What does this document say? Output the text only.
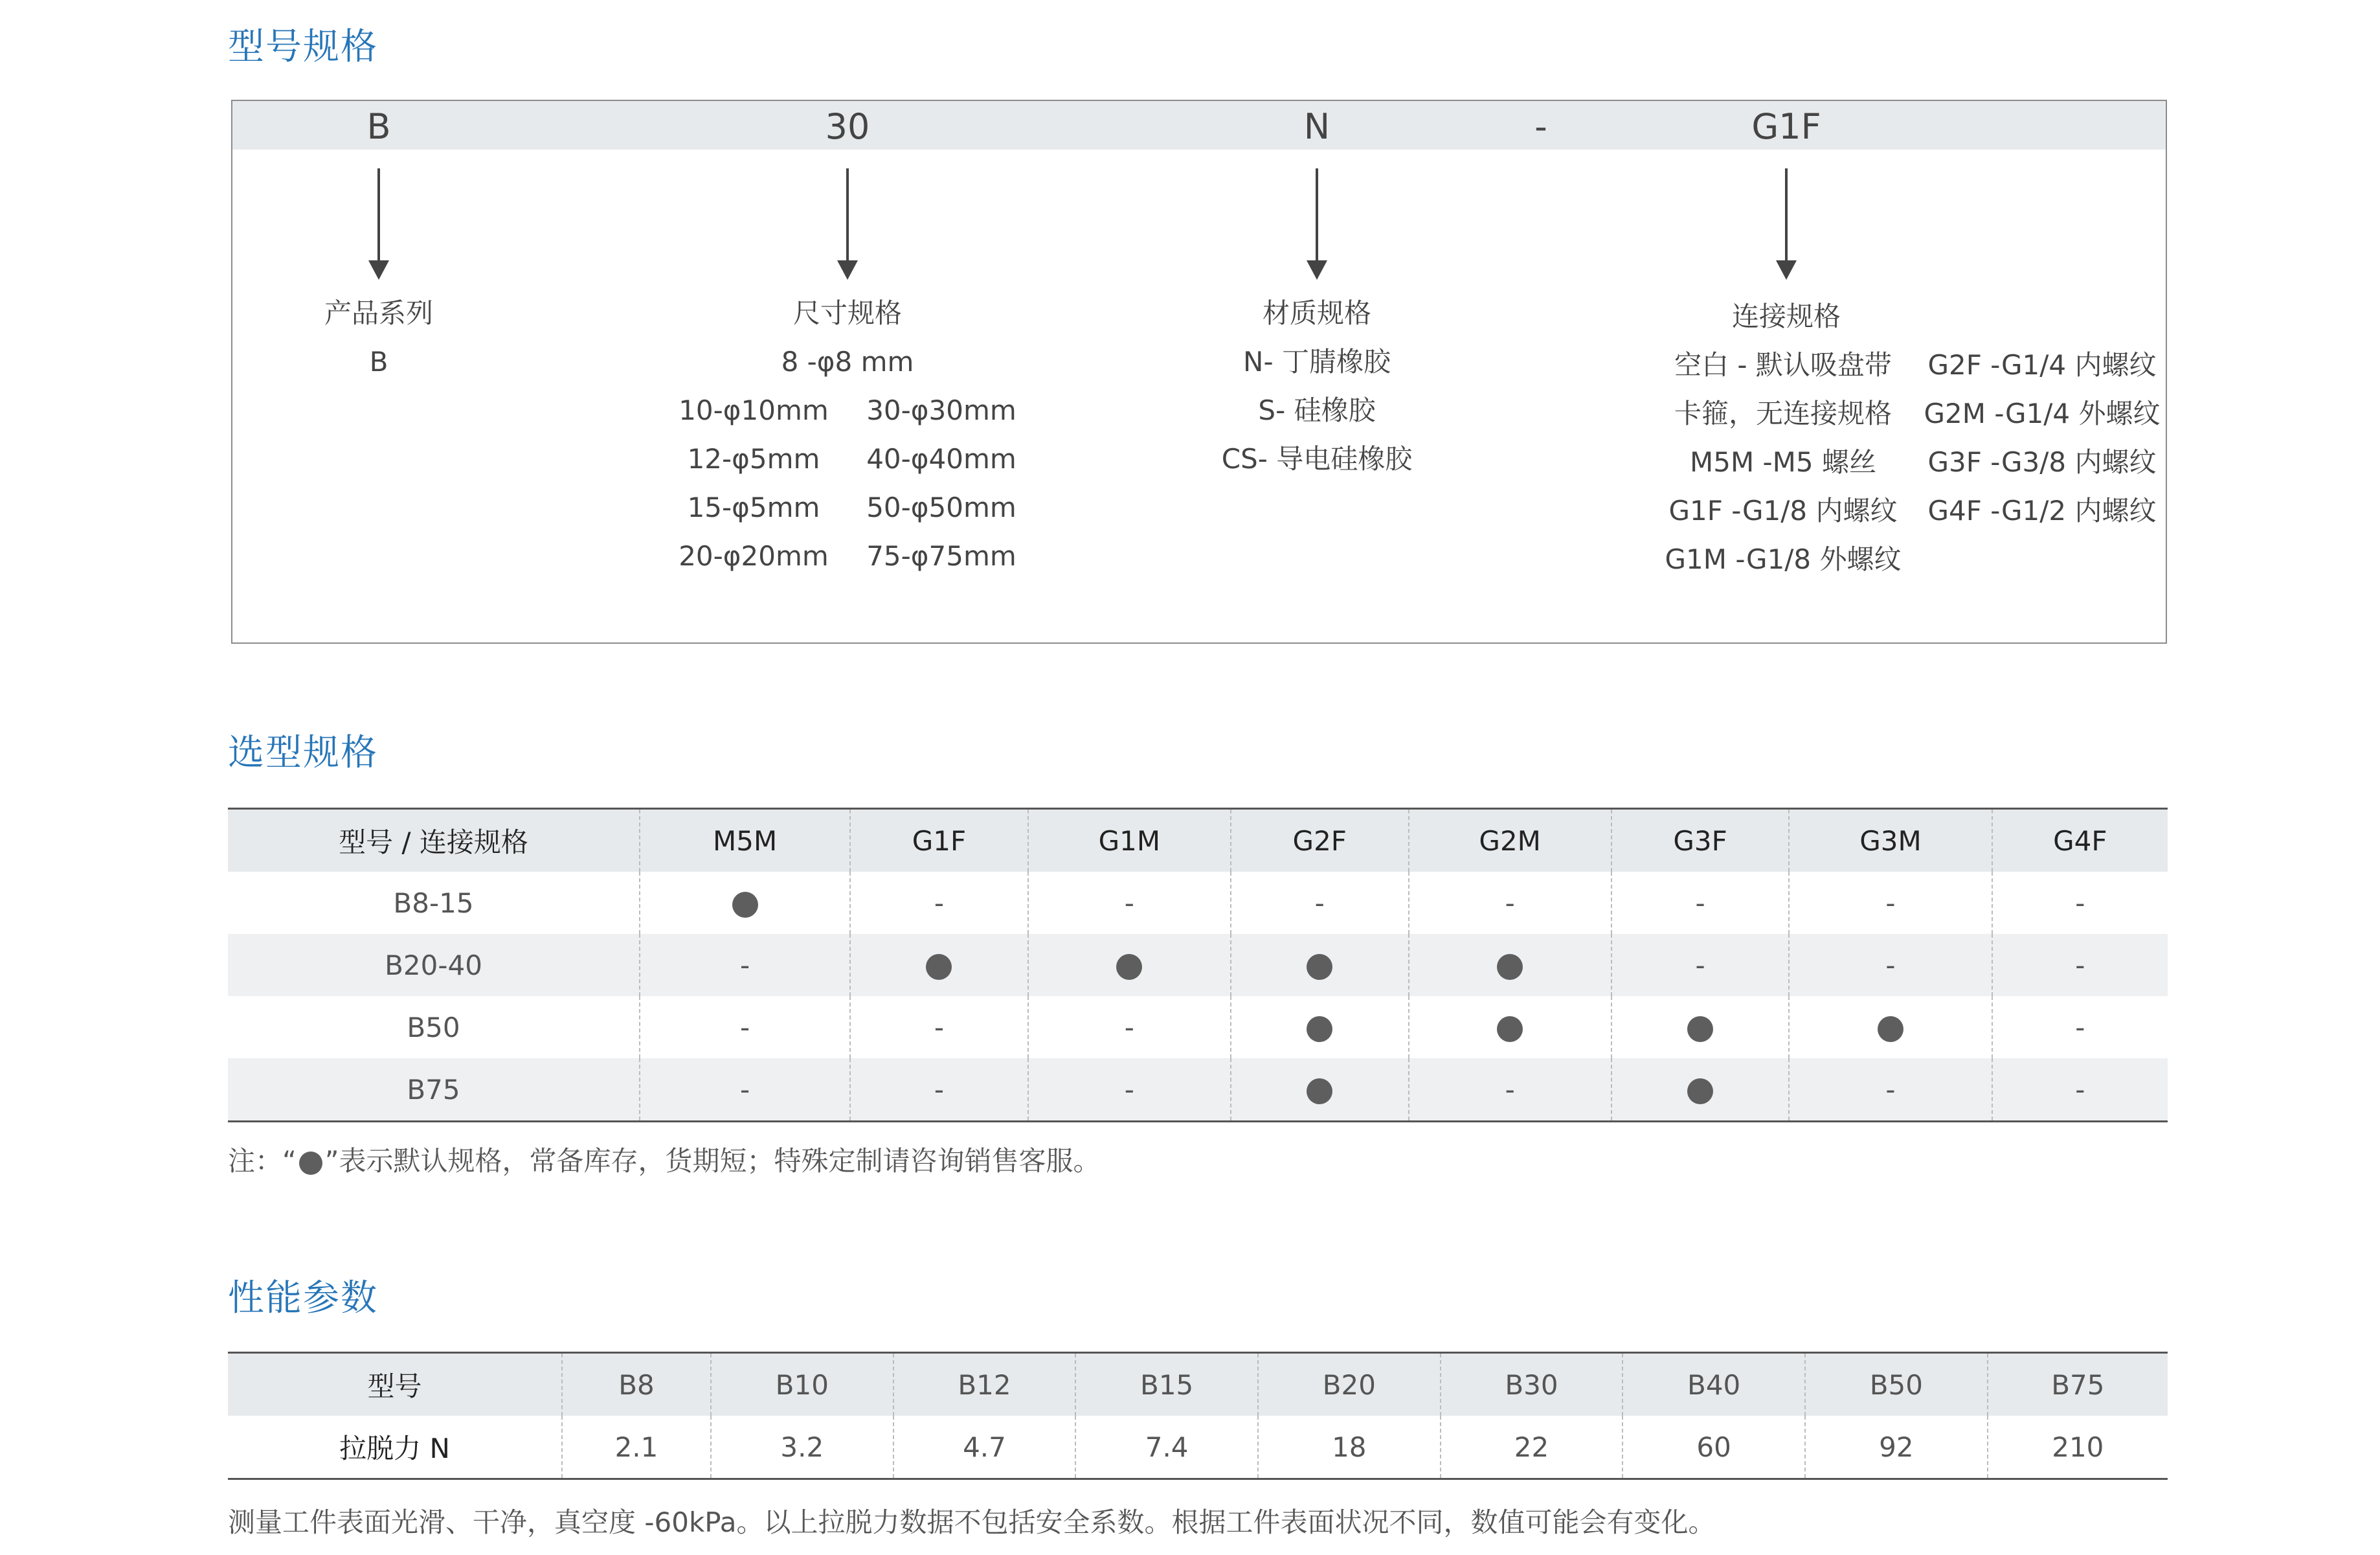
型号规格
B	30	N	-	G1F
产品系列
B
尺寸规格
8 -φ8 mm
10-φ10mm	30-φ30mm
12-φ5mm	40-φ40mm
15-φ5mm	50-φ50mm
20-φ20mm	75-φ75mm
材质规格
N- 丁腈橡胶
S- 硅橡胶
CS- 导电硅橡胶
连接规格
空白 - 默认吸盘带	G2F -G1/4 内螺纹
卡箍，无连接规格	G2M -G1/4 外螺纹
M5M -M5 螺丝	G3F -G3/8 内螺纹
G1F -G1/8 内螺纹	G4F -G1/2 内螺纹
G1M -G1/8 外螺纹
选型规格
型号 / 连接规格	M5M	G1F	G1M	G2F	G2M	G3F	G3M	G4F
B8-15		-	-	-	-	-	-	-
B20-40	-					-	-	-
B50	-	-	-					-
B75	-	-	-		-		-	-
注：“ ”表示默认规格，常备库存，货期短；特殊定制请咨询销售客服。
性能参数
型号	B8	B10	B12	B15	B20	B30	B40	B50	B75
拉脱力 N	2.1	3.2	4.7	7.4	18	22	60	92	210
测量工件表面光滑、干净，真空度 -60kPa。以上拉脱力数据不包括安全系数。根据工件表面状况不同，数值可能会有变化。
